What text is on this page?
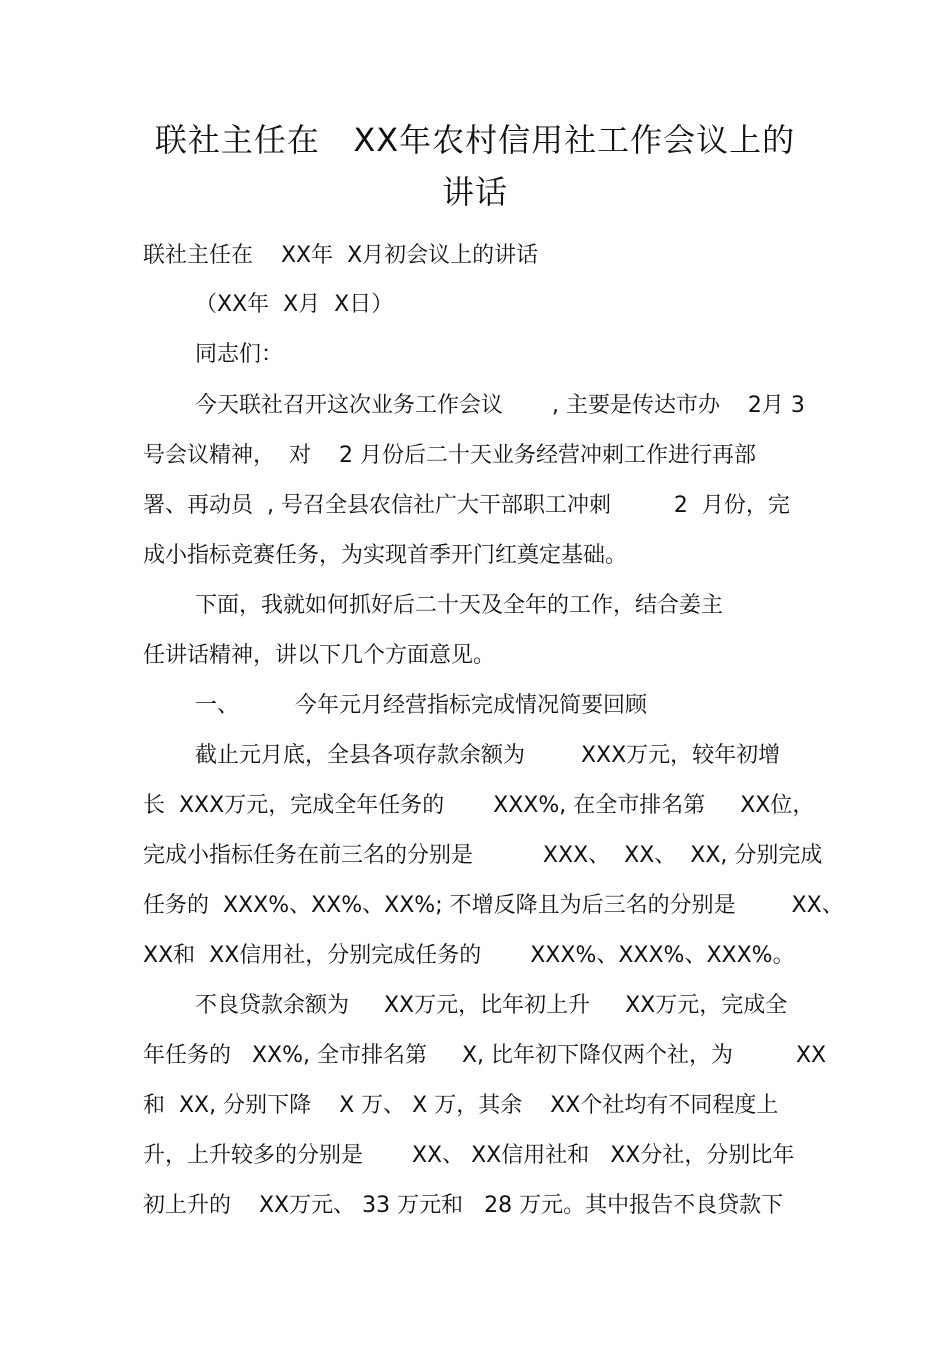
联社主任在   XX年农村信用社工作会议上的
讲话
联社主任在    XX年  X月初会议上的讲话
（XX年  X月  X日）
同志们：
今天联社召开这次业务工作会议       , 主要是传达市办    2月 3
号会议精神，  对    2 月份后二十天业务经营冲刺工作进行再部
署、再动员  , 号召全县农信社广大干部职工冲刺         2  月份，完
成小指标竞赛任务，为实现首季开门红奠定基础。
下面，我就如何抓好后二十天及全年的工作，结合姜主
任讲话精神，讲以下几个方面意见。
一、        今年元月经营指标完成情况简要回顾
截止元月底，全县各项存款余额为        XXX万元，较年初增
长  XXX万元，完成全年任务的       XXX%, 在全市排名第     XX位，
完成小指标任务在前三名的分别是          XXX、  XX、  XX, 分别完成
任务的  XXX%、XX%、XX%; 不增反降且为后三名的分别是        XX、
XX和  XX信用社，分别完成任务的       XXX%、XXX%、XXX%。
不良贷款余额为     XX万元，比年初上升     XX万元，完成全
年任务的   XX%, 全市排名第     X, 比年初下降仅两个社，为         XX
和  XX, 分别下降    X 万、 X 万，其余    XX个社均有不同程度上
升，上升较多的分别是       XX、 XX信用社和   XX分社，分别比年
初上升的    XX万元、 33 万元和   28 万元。其中报告不良贷款下
